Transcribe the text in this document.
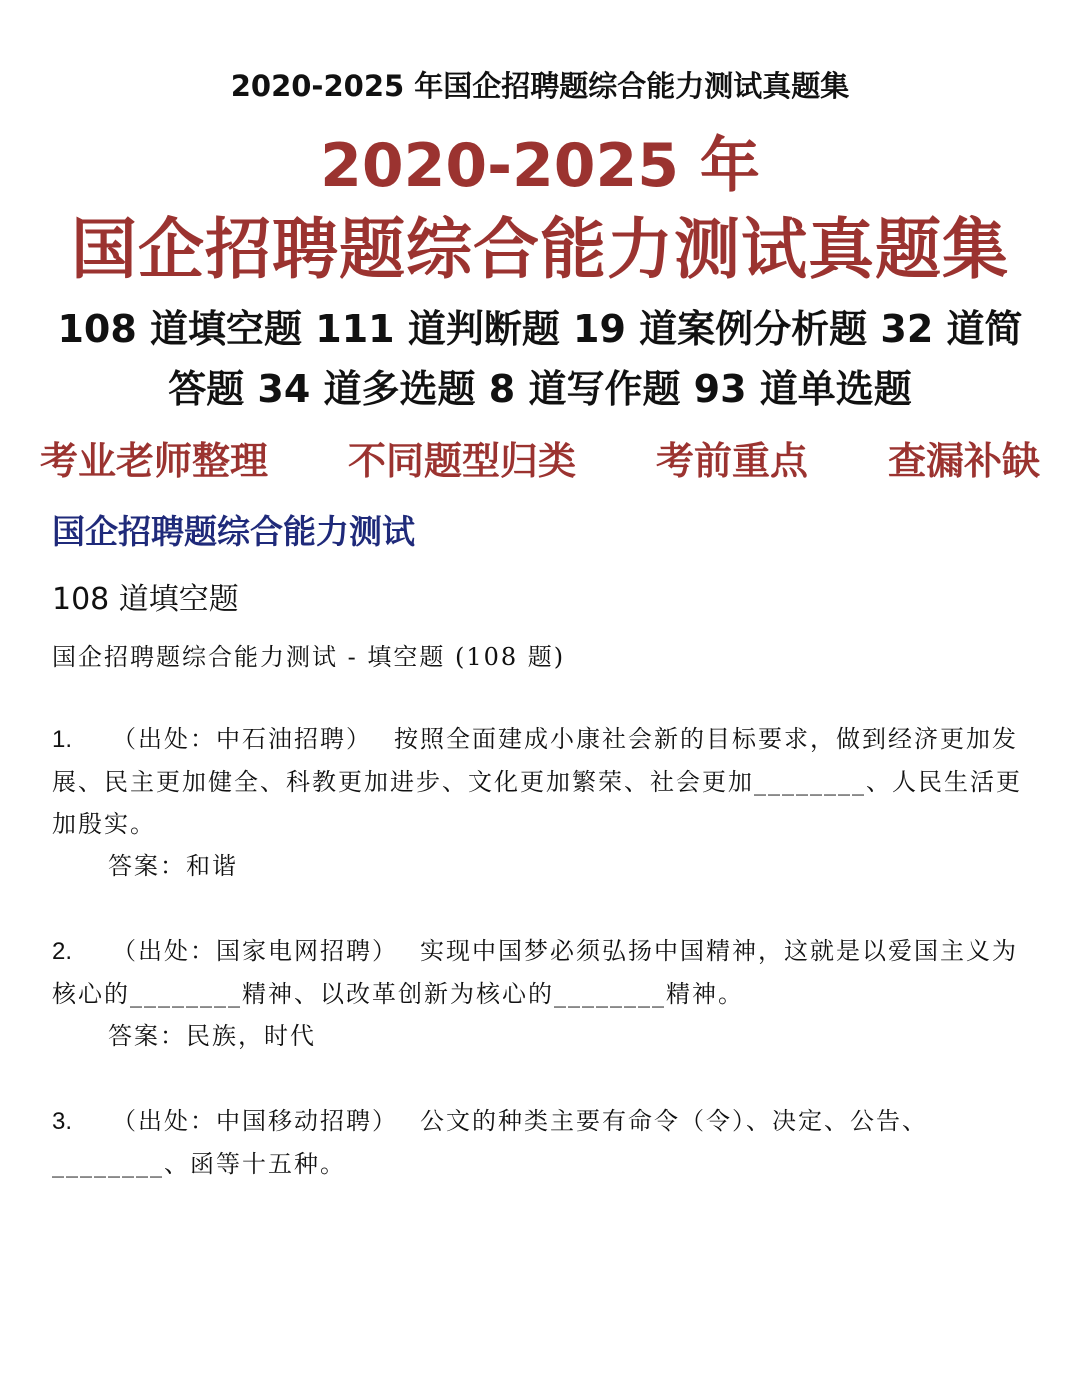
2020-2025 年国企招聘题综合能力测试真题集
2020-2025 年
国企招聘题综合能力测试真题集
108 道填空题 111 道判断题 19 道案例分析题 32 道简
答题 34 道多选题 8 道写作题 93 道单选题
考业老师整理 不同题型归类 考前重点 查漏补缺
国企招聘题综合能力测试
108 道填空题
国企招聘题综合能力测试 - 填空题 (108 题)
1. （出处：中石油招聘） 按照全面建成小康社会新的目标要求，做到经济更加发展、民主更加健全、科教更加进步、文化更加繁荣、社会更加________、人民生活更加殷实。
答案：和谐
2. （出处：国家电网招聘） 实现中国梦必须弘扬中国精神，这就是以爱国主义为核心的________精神、以改革创新为核心的________精神。
答案：民族，时代
3. （出处：中国移动招聘） 公文的种类主要有命令（令）、决定、公告、________、函等十五种。
